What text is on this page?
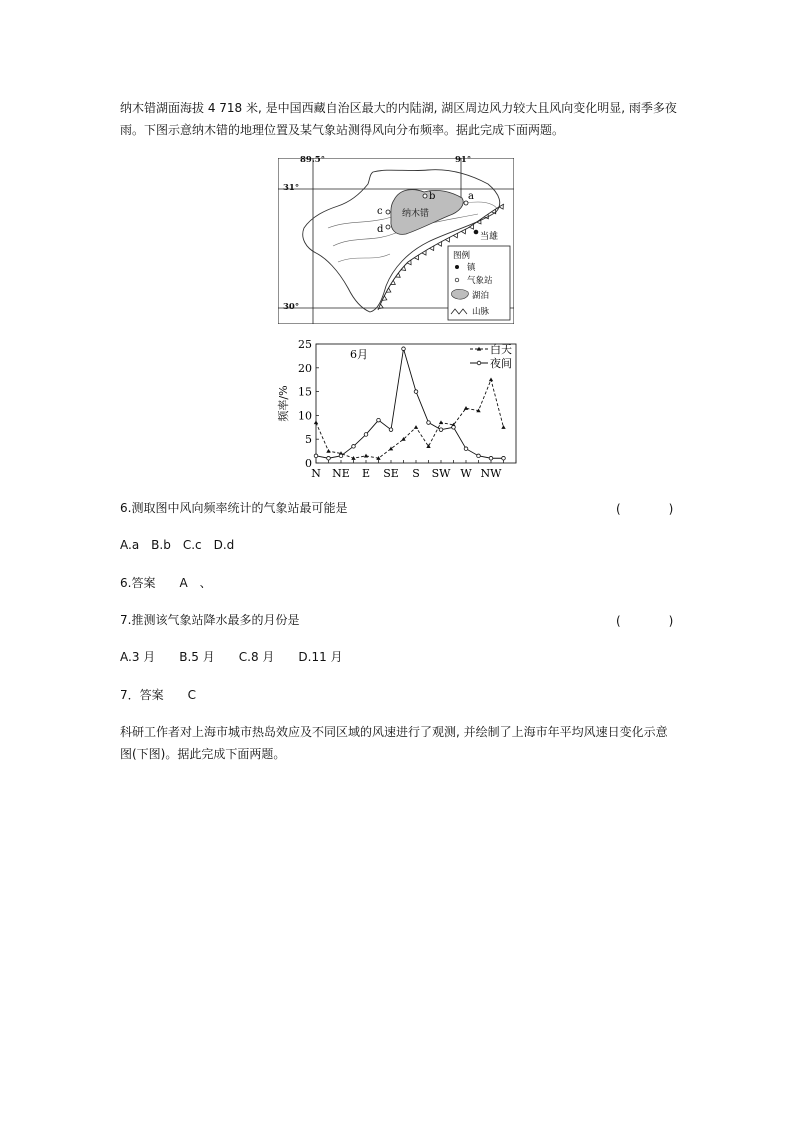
纳木错湖面海拔 4 718 米, 是中国西藏自治区最大的内陆湖, 湖区周边风力较大且风向变化明显, 雨季多夜
雨。下图示意纳木错的地理位置及某气象站测得风向分布频率。据此完成下面两题。
纳木错
b	a
c
d
当雄
图例
镇
气象站
湖泊
山脉
89.5°	91°
31°
30°
0
5
10
15
20
25
N NE E SE S SW W NW
6月
频率/%
白天
夜间
6.测取图中风向频率统计的气象站最可能是	(　　　　)
A.a　B.b　C.c　D.d
6.答案　　A　、
7.推测该气象站降水最多的月份是	(　　　　)
A.3 月　　B.5 月　　C.8 月　　D.11 月
7．答案　　C
科研工作者对上海市城市热岛效应及不同区域的风速进行了观测, 并绘制了上海市年平均风速日变化示意
图(下图)。据此完成下面两题。
